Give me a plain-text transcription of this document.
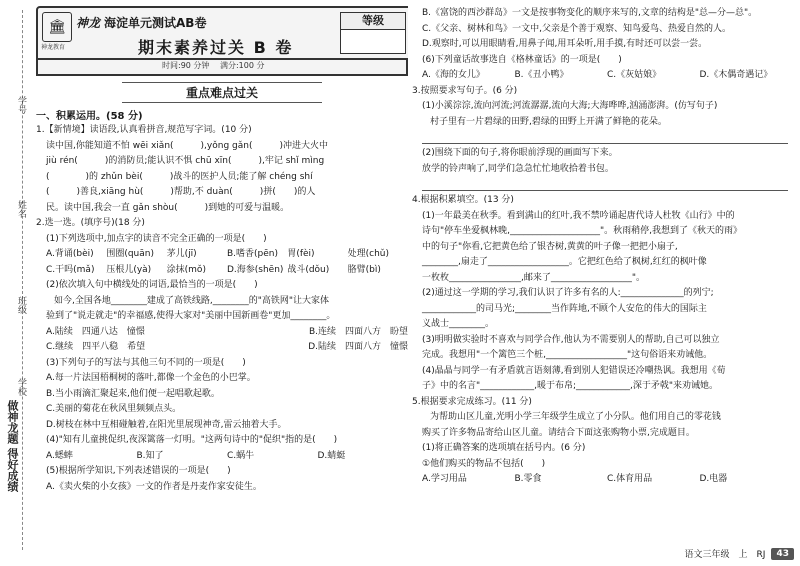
学号
姓名
班级
学校
做神龙题 得好成绩
🏛
神龙教育
神龙 海淀单元测试AB卷	等级
期末素养过关 B 卷
时间:90 分钟 满分:100 分
重点难点过关
一、积累运用。(58 分)
1.【新情境】读语段,认真看拼音,规范写字词。(10 分)
读中国,你能知道不怕 wēi xiǎn(　　　),yǒng gǎn(　　　)冲进大火中
jiù rén(　　　)的消防员;能认识不惧 chū xīn(　　　),牢记 shǐ mìng
(　　　　)的 zhǔn bèi(　　　)战斗的医护人员;能了解 chéng shí
(　　　)善良,xiāng hù(　　　)帮助,不 duàn(　　　)拼(　　)的人
民。读中国,我会一直 gǎn shòu(　　　)到她的可爱与温暖。
2.选一选。(填序号)(18 分)
(1)下列选项中,加点字的读音不完全正确的一项是(　　)
A.背诵(bèi)	围圈(quān)	茅儿(jī)	B.嗜香(pēn)	胃(fèi)	处理(chǔ)
C.干吗(mǎ)	压根儿(yà)	涂抹(mǒ)	D.海参(shēn) 战斗(dǒu)	胳臂(bì)
(2)依次填入句中横线处的词语,最恰当的一项是(　　)
如今,全国各地________建成了高铁线路,________的"高铁网"让大家体
验到了"说走就走"的幸福感,使得大家对"美丽中国新画卷"更加________。
A.陆续　四通八达　憧憬	B.连续　四面八方　盼望
C.继续　四平八稳　希望	D.陆续　四面八方　憧憬
(3)下列句子的写法与其他三句不同的一项是(　　)
A.每一片法国梧桐树的落叶,都像一个金色的小巴掌。
B.当小雨滴汇聚起来,他们便一起唱歌起歌。
C.美丽的菊花在秋风里频频点头。
D.树枝在林中互相碰触着,在阳光里展现神奇,雷云抽着大手。
(4)"知有儿童挑促织,夜深篱落一灯明。"这两句诗中的"促织"指的是(　　)
A.蟋蟀	B.知了	C.蜗牛	D.蜻蜓
(5)根据所学知识,下列表述错误的一项是(　　)
A.《卖火柴的小女孩》一文的作者是丹麦作家安徒生。
B.《富饶的西沙群岛》一文是按事物变化的顺序来写的,文章的结构是"总—分—总"。
C.《父亲、树林和鸟》一文中,父亲是个善于观察、知鸟爱鸟、热爱自然的人。
D.观察时,可以用眼睛看,用鼻子闻,用耳朵听,用手摸,有时还可以尝一尝。
(6)下列童话故事选自《格林童话》的一项是(　　)
A.《海的女儿》	B.《丑小鸭》	C.《灰姑娘》	D.《木偶奇遇记》
3.按照要求写句子。(6 分)
(1)小溪淙淙,流向河流;河流潺潺,流向大海;大海哗哗,汹涌澎湃。(仿写句子)
村子里有一片碧绿的田野,碧绿的田野上开满了鲜艳的花朵。
(2)围绕下面的句子,将你眼前浮现的画面写下来。
放学的铃声响了,同学们急急忙忙地收拾着书包。
4.根据积累填空。(13 分)
(1)一年最美在秋季。看到满山的红叶,我不禁吟诵起唐代诗人杜牧《山行》中的
诗句"停车坐爱枫林晚,____________________"。秋雨稍停,我想到了《秋天的雨》
中的句子"你看,它把黄色给了银杏树,黄黄的叶子像一把把小扇子,
________,扇走了__________________。它把红色给了枫树,红红的枫叶像
一枚枚________________,邮来了__________________"。
(2)通过这一学期的学习,我们认识了许多有名的人:______________的列宁;
____________的司马光;________当作阵地,不顾个人安危的伟大的国际主
义战士________。
(3)明明做实验时不喜欢与同学合作,他认为不需要别人的帮助,自己可以独立
完成。我想用"一个篱笆三个桩,__________________"这句俗语来劝诫他。
(4)晶晶与同学一有矛盾就言语刻薄,看到别人犯错误还冷嘲热讽。我想用《荀
子》中的名言"____________,暖于布帛;____________,深于矛戟"来劝诫她。
5.根据要求完成练习。(11 分)
为帮助山区儿童,光明小学三年级学生成立了小分队。他们用自己的零花钱
购买了许多物品寄给山区儿童。请结合下面这张购物小票,完成题目。
(1)将正确答案的选项填在括号内。(6 分)
①他们购买的物品不包括(　　)
A.学习用品	B.零食	C.体育用品	D.电器
语文三年级　上　RJ	43
